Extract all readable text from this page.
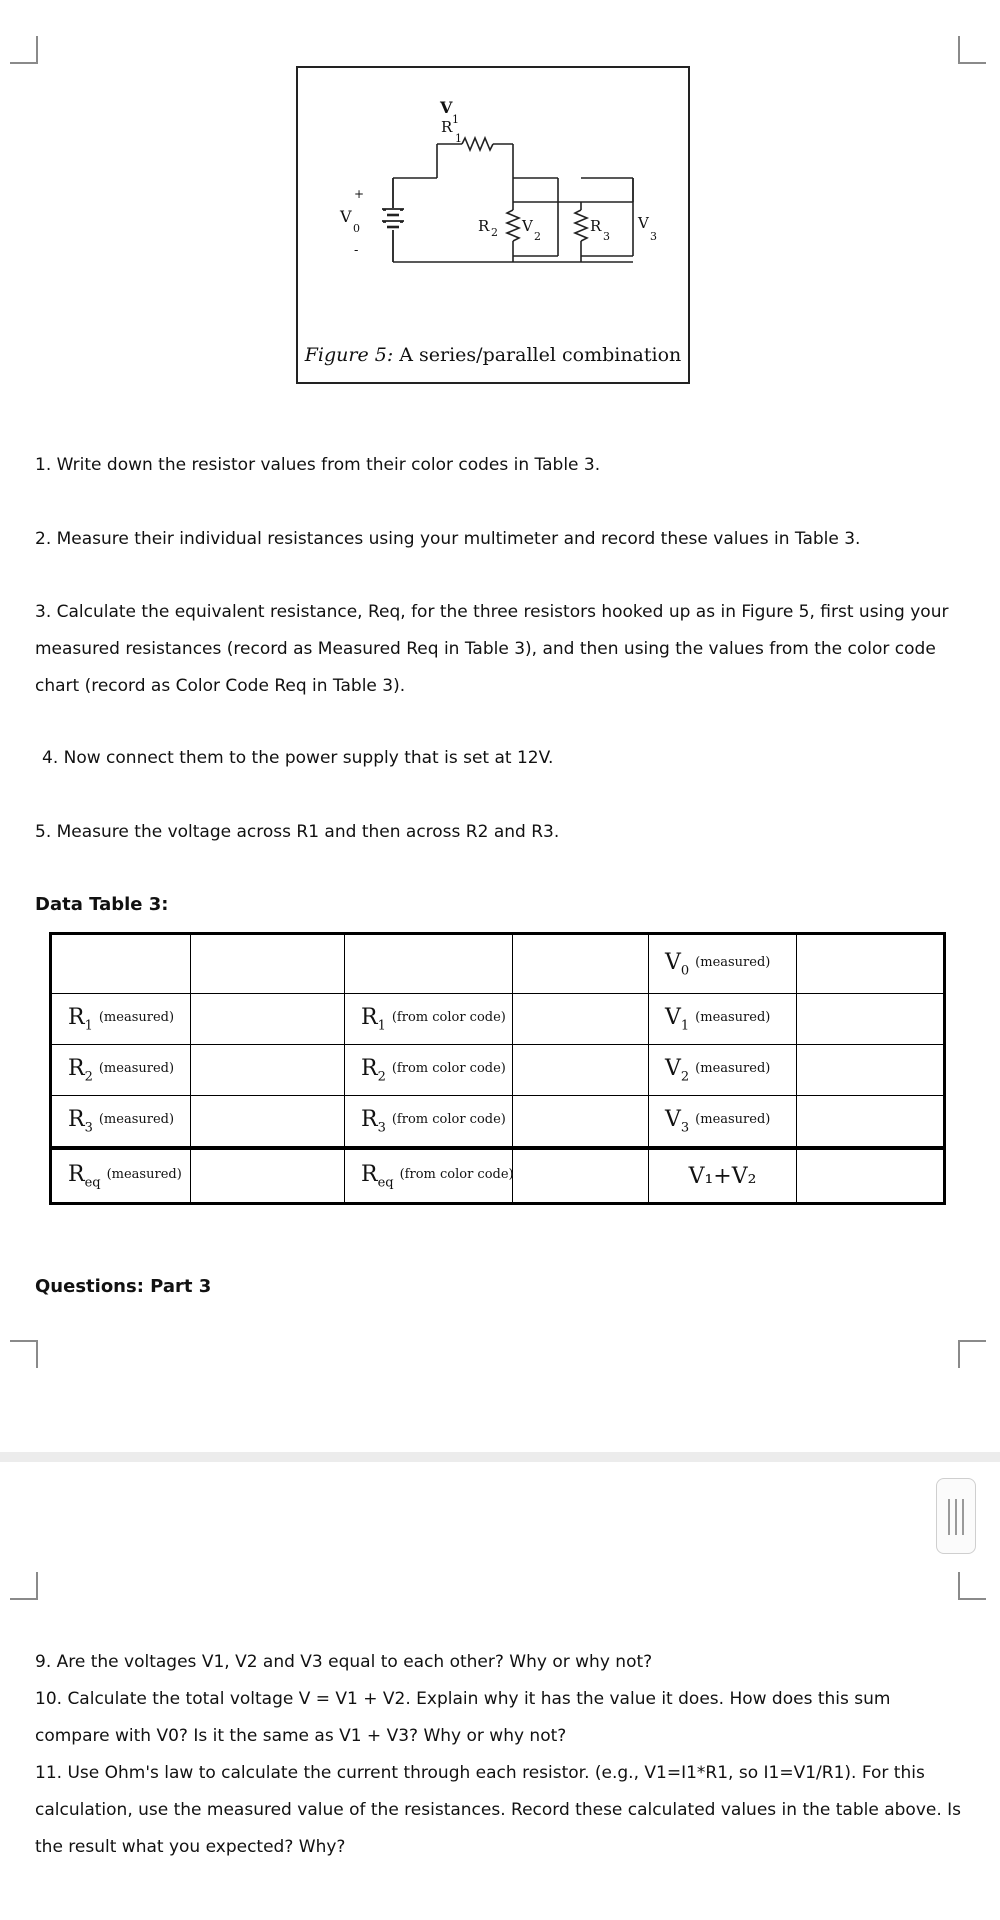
V
1
R
1
+
V
0
-
R 2 V
2
R
3
V
3
Figure 5: A series/parallel combination

1. Write down the resistor values from their color codes in Table 3.

2. Measure their individual resistances using your multimeter and record these values in Table 3.

3. Calculate the equivalent resistance, Req, for the three resistors hooked up as in Figure 5, first using your measured resistances (record as Measured Req in Table 3), and then using the values from the color code chart (record as Color Code Req in Table 3).

4. Now connect them to the power supply that is set at 12V.

5. Measure the voltage across R1 and then across R2 and R3.

Data Table 3:
				$V_0(measured)$	
$R_1(measured)$		$R_1(from$ color code)		$V_1(measured)$	
$R_2(measured)$		$R_2(from$ color code)		$V_2(measured)$	
$R_3(measured)$		$R_3(from$ color code)		$V_3(measured)$	
$R_{eq}(measured)$		$R_{eq}(from$ color code)		V₁+V₂	
Questions: Part 3

9. Are the voltages V1, V2 and V3 equal to each other? Why or why not?

10. Calculate the total voltage V = V1 + V2. Explain why it has the value it does. How does this sum compare with V0? Is it the same as V1 + V3? Why or why not?

11. Use Ohm's law to calculate the current through each resistor. (e.g., V1=I1*R1, so I1=V1/R1). For this calculation, use the measured value of the resistances. Record these calculated values in the table above. Is the result what you expected? Why?
